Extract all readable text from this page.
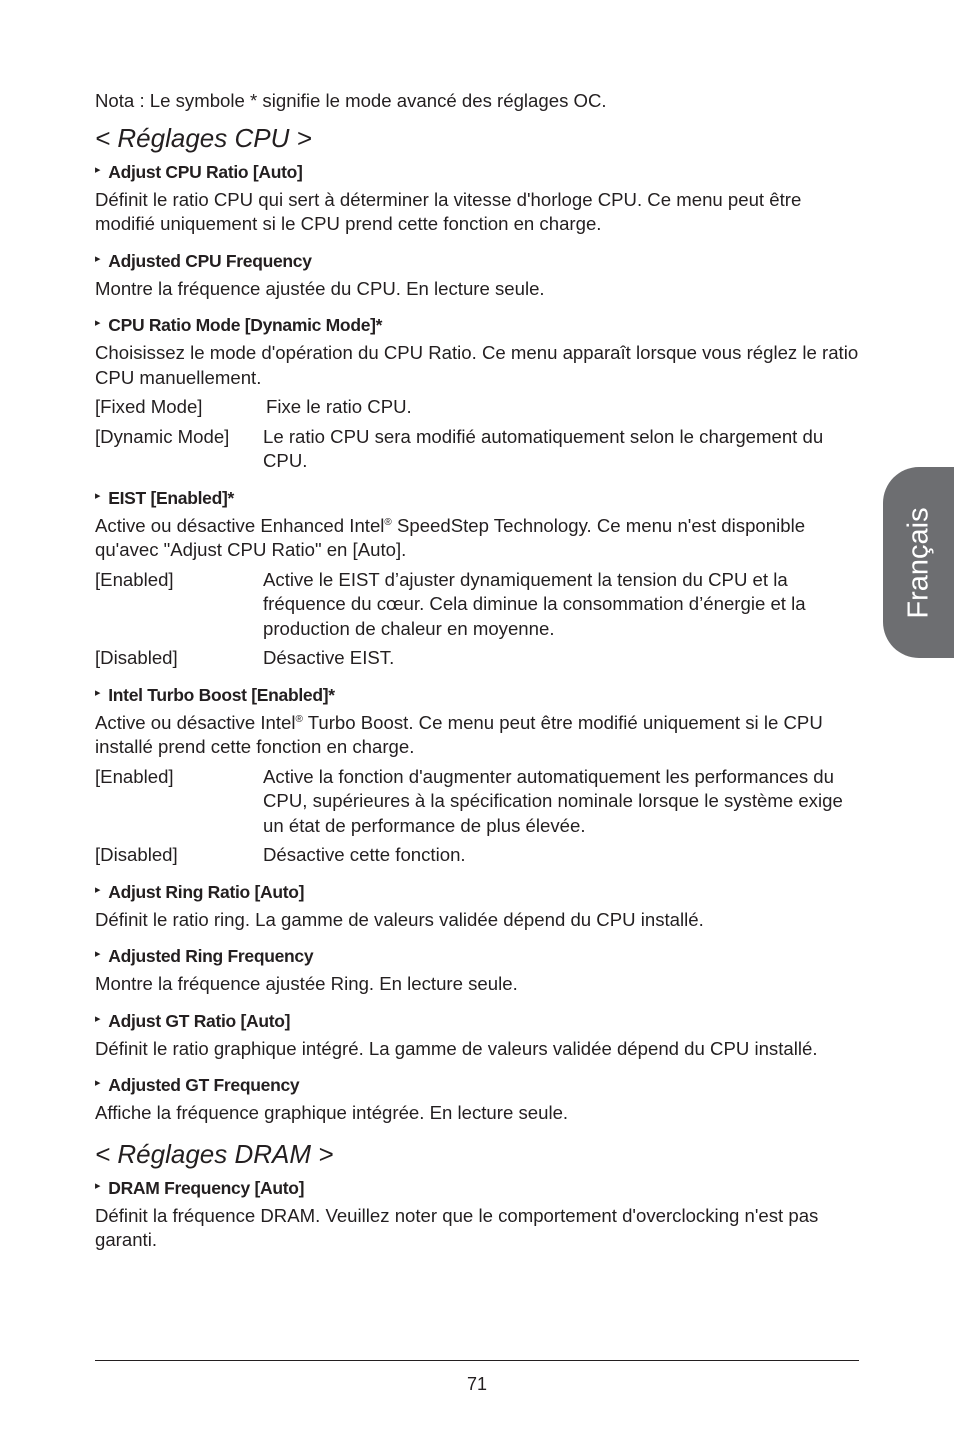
Nota : Le symbole * signifie le mode avancé des réglages OC.

< Réglages CPU >
▸ Adjust CPU Ratio [Auto]

Définit le ratio CPU qui sert à déterminer la vitesse d'horloge CPU. Ce menu peut être modifié uniquement si le CPU prend cette fonction en charge.

▸ Adjusted CPU Frequency

Montre la fréquence ajustée du CPU. En lecture seule.

▸ CPU Ratio Mode [Dynamic Mode]*

Choisissez le mode d'opération du CPU Ratio. Ce menu apparaît lorsque vous réglez le ratio CPU manuellement.

[Fixed Mode]	Fixe le ratio CPU.
[Dynamic Mode]	Le ratio CPU sera modifié automatiquement selon le chargement du CPU.
▸ EIST [Enabled]*

Active ou désactive Enhanced Intel® SpeedStep Technology. Ce menu n'est disponible qu'avec "Adjust CPU Ratio" en [Auto].

[Enabled]	Active le EIST d’ajuster dynamiquement la tension du CPU et la fréquence du cœur. Cela diminue la consommation d’énergie et la production de chaleur en moyenne.
[Disabled]	Désactive EIST.
▸ Intel Turbo Boost [Enabled]*

Active ou désactive Intel® Turbo Boost. Ce menu peut être modifié uniquement si le CPU installé prend cette fonction en charge.

[Enabled]	Active la fonction d'augmenter automatiquement les performances du CPU, supérieures à la spécification nominale lorsque le système exige un état de performance de plus élevée.
[Disabled]	Désactive cette fonction.
▸ Adjust Ring Ratio [Auto]

Définit le ratio ring. La gamme de valeurs validée dépend du CPU installé.

▸ Adjusted Ring Frequency

Montre la fréquence ajustée Ring. En lecture seule.

▸ Adjust GT Ratio [Auto]

Définit le ratio graphique intégré. La gamme de valeurs validée dépend du CPU installé.

▸ Adjusted GT Frequency

Affiche la fréquence graphique intégrée. En lecture seule.

< Réglages DRAM >
▸ DRAM Frequency [Auto]

Définit la fréquence DRAM. Veuillez noter que le comportement d'overclocking n'est pas garanti.

Français
71
